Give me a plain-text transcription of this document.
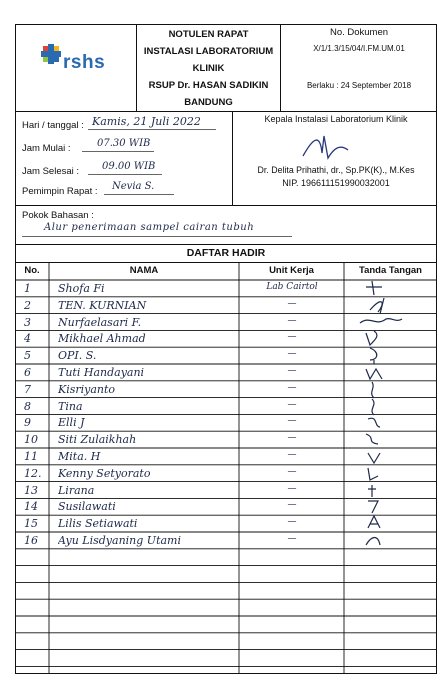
rshs
NOTULEN RAPAT
INSTALASI LABORATORIUM
KLINIK
RSUP Dr. HASAN SADIKIN
BANDUNG
No. Dokumen
X/1/1.3/15/04/I.FM.UM.01
Berlaku : 24 September 2018
Hari / tanggal : Kamis, 21 Juli 2022
Jam Mulai :	07.30 WIB
Jam Selesai : 09.00 WIB
Pemimpin Rapat : Nevia S.
Kepala Instalasi Laboratorium Klinik
Dr. Delita Prihathi, dr., Sp.PK(K)., M.Kes
NIP. 196611151990032001
Pokok Bahasan :
Alur penerimaan sampel cairan tubuh
DAFTAR HADIR
No.	NAMA	Unit Kerja	Tanda Tangan
1	Shofa Fi	Lab Cairtol
2	TEN. KURNIAN	—
3	Nurfaelasari F.	—
4	Mikhael Ahmad	—
5	OPI. S.	—
6	Tuti Handayani	—
7	Kisriyanto	—
8	Tina	—
9	Elli J	—
10	Siti Zulaikhah	—
11	Mita. H	—
12.	Kenny Setyorato	—
13	Lirana	—
14	Susilawati	—
15	Lilis Setiawati	—
16	Ayu Lisdyaning Utami	—
